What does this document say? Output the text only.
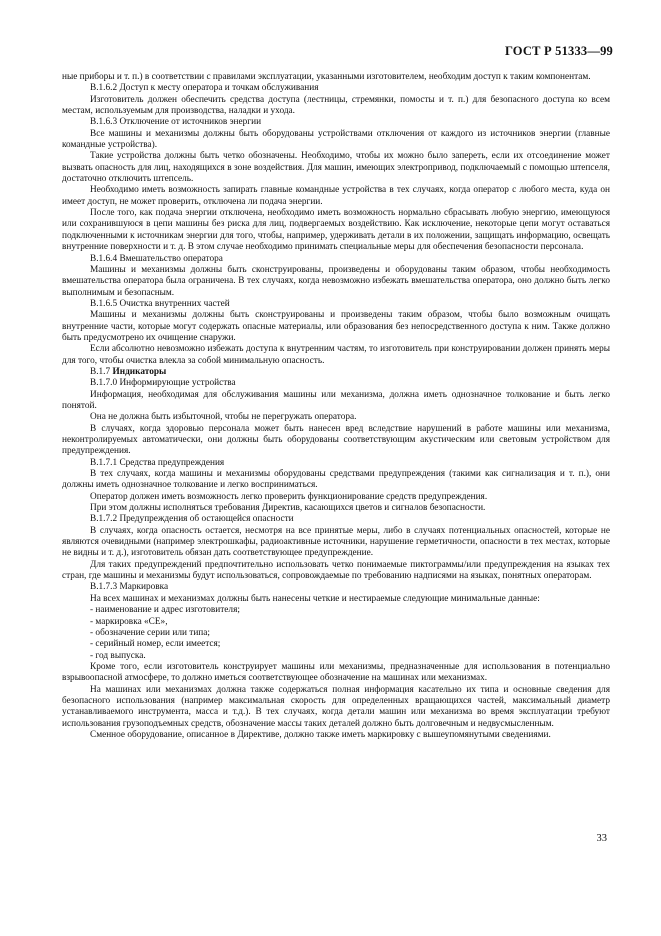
ГОСТ Р 51333—99

ные приборы и т. п.) в соответствии с правилами эксплуатации, указанными изготовителем, необходим доступ к таким компонентам.

В.1.6.2 Доступ к месту оператора и точкам обслуживания

Изготовитель должен обеспечить средства доступа (лестницы, стремянки, помосты и т. п.) для безопасного доступа ко всем местам, используемым для производства, наладки и ухода.

В.1.6.3 Отключение от источников энергии

Все машины и механизмы должны быть оборудованы устройствами отключения от каждого из источников энергии (главные командные устройства).

Такие устройства должны быть четко обозначены. Необходимо, чтобы их можно было запереть, если их отсоединение может вызвать опасность для лиц, находящихся в зоне воздействия. Для машин, имеющих электропривод, подключаемый с помощью штепселя, достаточно отключить штепсель.

Необходимо иметь возможность запирать главные командные устройства в тех случаях, когда оператор с любого места, куда он имеет доступ, не может проверить, отключена ли подача энергии.

После того, как подача энергии отключена, необходимо иметь возможность нормально сбрасывать любую энергию, имеющуюся или сохранившуюся в цепи машины без риска для лиц, подвергаемых воздействию. Как исключение, некоторые цепи могут оставаться подключенными к источникам энергии для того, чтобы, например, удерживать детали в их положении, защищать информацию, освещать внутренние поверхности и т. д. В этом случае необходимо принимать специальные меры для обеспечения безопасности персонала.

В.1.6.4 Вмешательство оператора

Машины и механизмы должны быть сконструированы, произведены и оборудованы таким образом, чтобы необходимость вмешательства оператора была ограничена. В тех случаях, когда невозможно избежать вмешательства оператора, оно должно быть легко выполнимым и безопасным.

В.1.6.5 Очистка внутренних частей

Машины и механизмы должны быть сконструированы и произведены таким образом, чтобы было возможным очищать внутренние части, которые могут содержать опасные материалы, или образования без непосредственного доступа к ним. Также должно быть предусмотрено их очищение снаружи.

Если абсолютно невозможно избежать доступа к внутренним частям, то изготовитель при конструировании должен принять меры для того, чтобы очистка влекла за собой минимальную опасность.

В.1.7 Индикаторы

В.1.7.0 Информирующие устройства

Информация, необходимая для обслуживания машины или механизма, должна иметь однозначное толкование и быть легко понятой.

Она не должна быть избыточной, чтобы не перегружать оператора.

В случаях, когда здоровью персонала может быть нанесен вред вследствие нарушений в работе машины или механизма, неконтролируемых автоматически, они должны быть оборудованы соответствующим акустическим или световым устройством для предупреждения.

В.1.7.1 Средства предупреждения

В тех случаях, когда машины и механизмы оборудованы средствами предупреждения (такими как сигнализация и т. п.), они должны иметь однозначное толкование и легко восприниматься.

Оператор должен иметь возможность легко проверить функционирование средств предупреждения.

При этом должны исполняться требования Директив, касающихся цветов и сигналов безопасности.

В.1.7.2 Предупреждения об остающейся опасности

В случаях, когда опасность остается, несмотря на все принятые меры, либо в случаях потенциальных опасностей, которые не являются очевидными (например электрошкафы, радиоактивные источники, нарушение герметичности, опасности в тех местах, которые не видны и т. д.), изготовитель обязан дать соответствующее предупреждение.

Для таких предупреждений предпочтительно использовать четко понимаемые пиктограммы/или предупреждения на языках тех стран, где машины и механизмы будут использоваться, сопровождаемые по требованию надписями на языках, понятных операторам.

В.1.7.3 Маркировка

На всех машинах и механизмах должны быть нанесены четкие и нестираемые следующие минимальные данные:

- наименование и адрес изготовителя;
- маркировка «СЕ»,
- обозначение серии или типа;
- серийный номер, если имеется;
- год выпуска.

Кроме того, если изготовитель конструирует машины или механизмы, предназначенные для использования в потенциально взрывоопасной атмосфере, то должно иметься соответствующее обозначение на машинах или механизмах.

На машинах или механизмах должна также содержаться полная информация касательно их типа и основные сведения для безопасного использования (например максимальная скорость для определенных вращающихся частей, максимальный диаметр устанавливаемого инструмента, масса и т.д.). В тех случаях, когда детали машин или механизма во время эксплуатации требуют использования грузоподъемных средств, обозначение массы таких деталей должно быть долговечным и недвусмысленным.

Сменное оборудование, описанное в Директиве, должно также иметь маркировку с вышеупомянутыми сведениями.

33
